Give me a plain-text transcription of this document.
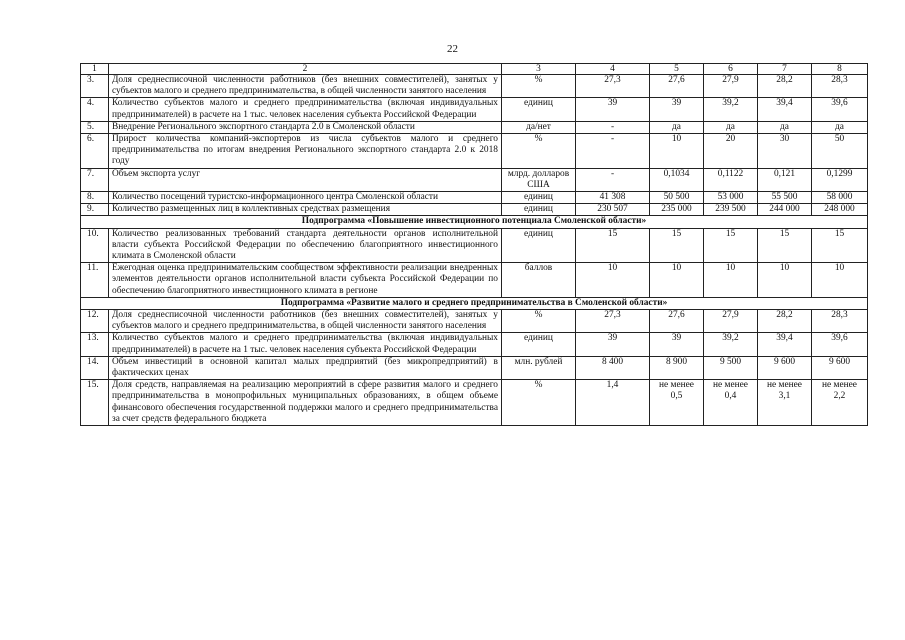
22
1	2	3	4	5	6	7	8
3.	Доля среднесписочной численности работников (без внешних совместителей), занятых у субъектов малого и среднего предпринимательства, в общей численности занятого населения	%	27,3	27,6	27,9	28,2	28,3
4.	Количество субъектов малого и среднего предпринимательства (включая индивидуальных предпринимателей) в расчете на 1 тыс. человек населения субъекта Российской Федерации	единиц	39	39	39,2	39,4	39,6
5.	Внедрение Регионального экспортного стандарта 2.0 в Смоленской области	да/нет	-	да	да	да	да
6.	Прирост количества компаний-экспортеров из числа субъектов малого и среднего предпринимательства по итогам внедрения Регионального экспортного стандарта 2.0 к 2018 году	%	-	10	20	30	50
7.	Объем экспорта услуг	млрд. долларов США	-	0,1034	0,1122	0,121	0,1299
8.	Количество посещений туристско-информационного центра Смоленской области	единиц	41 308	50 500	53 000	55 500	58 000
9.	Количество размещенных лиц в коллективных средствах размещения	единиц	230 507	235 000	239 500	244 000	248 000
Подпрограмма «Повышение инвестиционного потенциала Смоленской области»							
10.	Количество реализованных требований стандарта деятельности органов исполнительной власти субъекта Российской Федерации по обеспечению благоприятного инвестиционного климата в Смоленской области	единиц	15	15	15	15	15
11.	Ежегодная оценка предпринимательским сообществом эффективности реализации внедренных элементов деятельности органов исполнительной власти субъекта Российской Федерации по обеспечению благоприятного инвестиционного климата в регионе	баллов	10	10	10	10	10
Подпрограмма «Развитие малого и среднего предпринимательства в Смоленской области»							
12.	Доля среднесписочной численности работников (без внешних совместителей), занятых у субъектов малого и среднего предпринимательства, в общей численности занятого населения	%	27,3	27,6	27,9	28,2	28,3
13.	Количество субъектов малого и среднего предпринимательства (включая индивидуальных предпринимателей) в расчете на 1 тыс. человек населения субъекта Российской Федерации	единиц	39	39	39,2	39,4	39,6
14.	Объем инвестиций в основной капитал малых предприятий (без микропредприятий) в фактических ценах	млн. рублей	8 400	8 900	9 500	9 600	9 600
15.	Доля средств, направляемая на реализацию мероприятий в сфере развития малого и среднего предпринимательства в монопрофильных муниципальных образованиях, в общем объеме финансового обеспечения государственной поддержки малого и среднего предпринимательства за счет средств федерального бюджета	%	1,4	не менее 0,5	не менее 0,4	не менее 3,1	не менее 2,2
